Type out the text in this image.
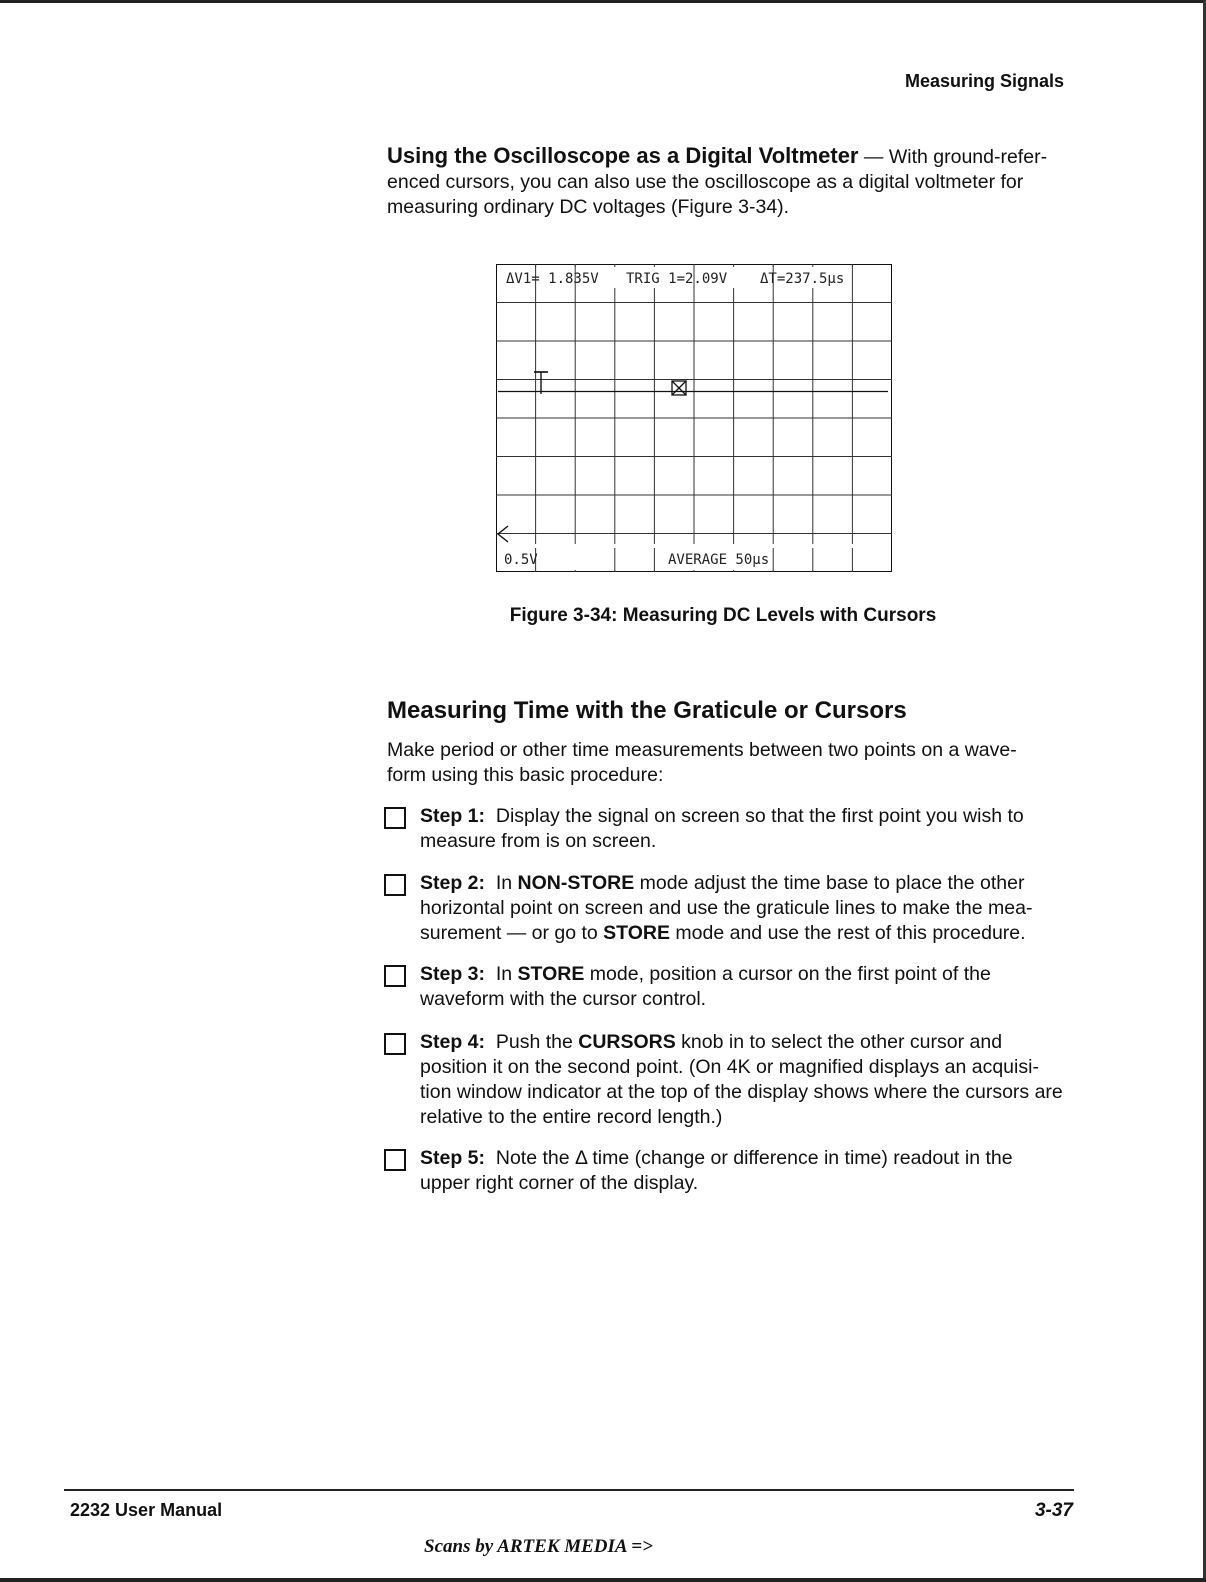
Measuring Signals
Using the Oscilloscope as a Digital Voltmeter — With ground-refer-enced cursors, you can also use the oscilloscope as a digital voltmeter for measuring ordinary DC voltages (Figure 3-34).
ΔV1= 1.835V TRIG 1=2.09V ΔT=237.5μs
0.5V	AVERAGE 50μs
Figure 3-34: Measuring DC Levels with Cursors
Measuring Time with the Graticule or Cursors
Make period or other time measurements between two points on a wave-form using this basic procedure:
Step 1: Display the signal on screen so that the first point you wish to measure from is on screen.
Step 2: In NON-STORE mode adjust the time base to place the other horizontal point on screen and use the graticule lines to make the mea-surement — or go to STORE mode and use the rest of this procedure.
Step 3: In STORE mode, position a cursor on the first point of the waveform with the cursor control.
Step 4: Push the CURSORS knob in to select the other cursor and position it on the second point. (On 4K or magnified displays an acquisi-tion window indicator at the top of the display shows where the cursors are relative to the entire record length.)
Step 5: Note the Δ time (change or difference in time) readout in the upper right corner of the display.
2232 User Manual	3-37
Scans by ARTEK MEDIA =>
